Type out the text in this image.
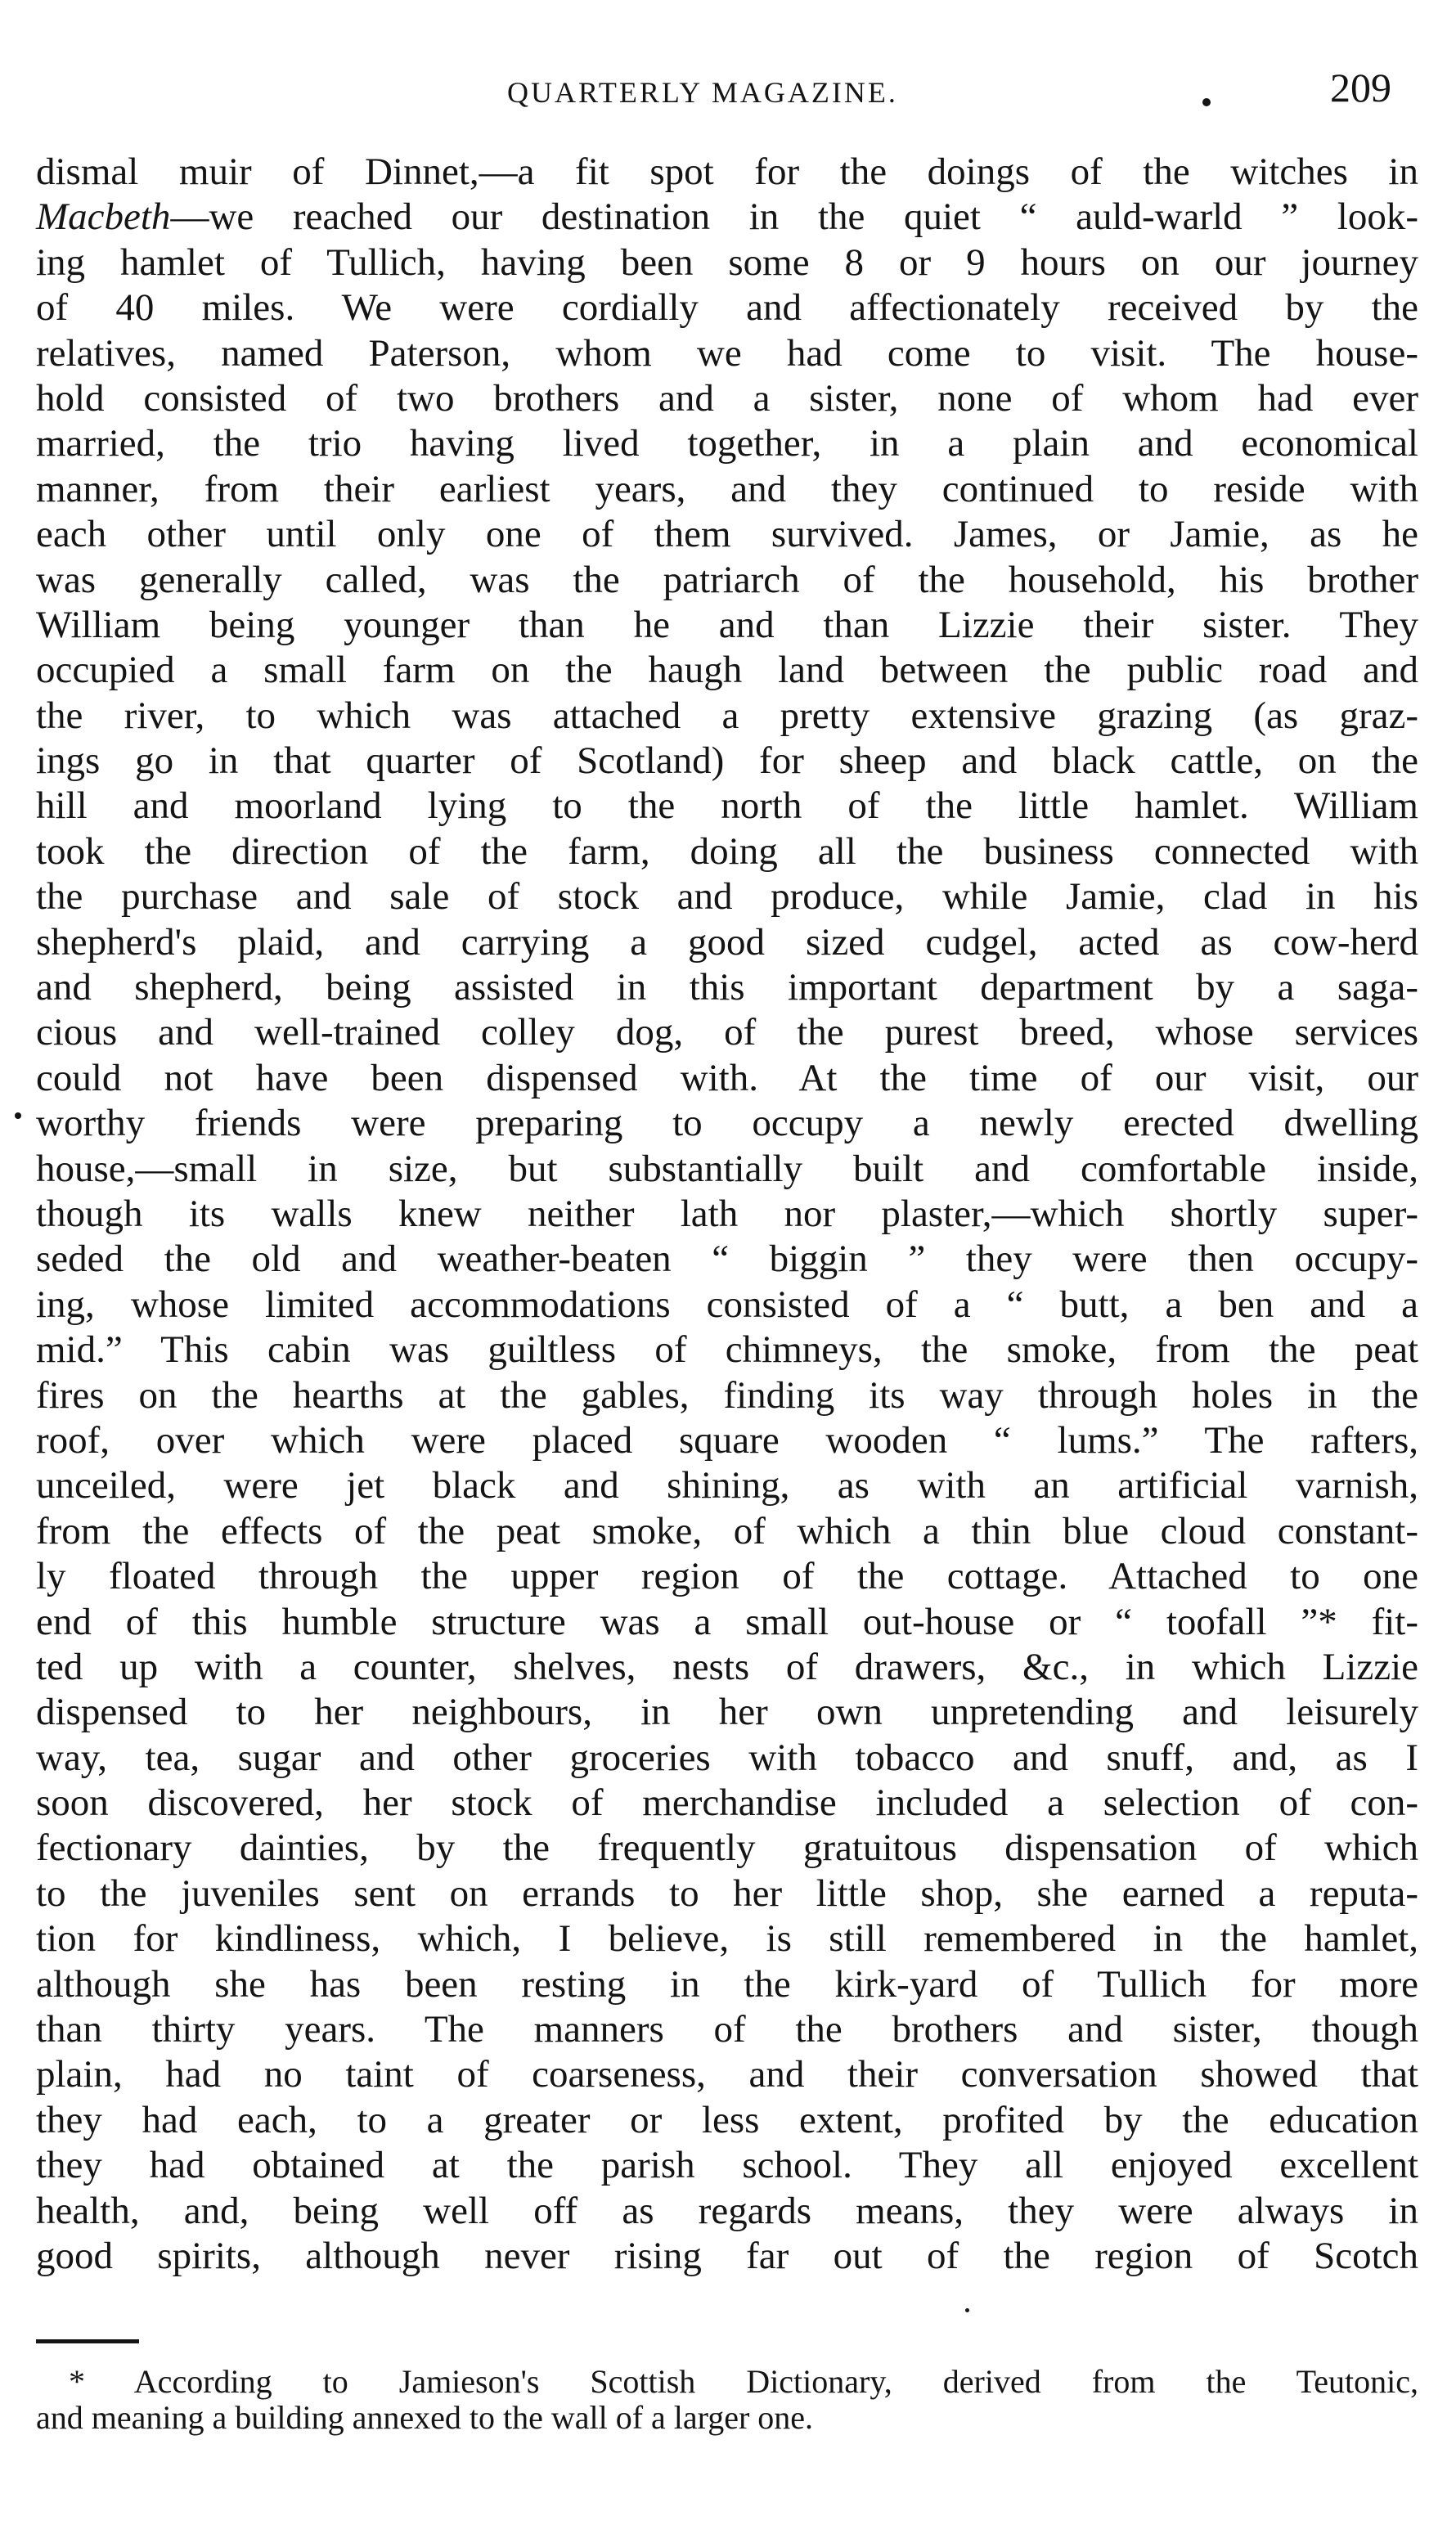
QUARTERLY MAGAZINE.	209
dismal muir of Dinnet,—a fit spot for the doings of the witches in
Macbeth—we reached our destination in the quiet “ auld-warld ” look-
ing hamlet of Tullich, having been some 8 or 9 hours on our journey
of 40 miles. We were cordially and affectionately received by the
relatives, named Paterson, whom we had come to visit. The house-
hold consisted of two brothers and a sister, none of whom had ever
married, the trio having lived together, in a plain and economical
manner, from their earliest years, and they continued to reside with
each other until only one of them survived. James, or Jamie, as he
was generally called, was the patriarch of the household, his brother
William being younger than he and than Lizzie their sister. They
occupied a small farm on the haugh land between the public road and
the river, to which was attached a pretty extensive grazing (as graz-
ings go in that quarter of Scotland) for sheep and black cattle, on the
hill and moorland lying to the north of the little hamlet. William
took the direction of the farm, doing all the business connected with
the purchase and sale of stock and produce, while Jamie, clad in his
shepherd's plaid, and carrying a good sized cudgel, acted as cow-herd
and shepherd, being assisted in this important department by a saga-
cious and well-trained colley dog, of the purest breed, whose services
could not have been dispensed with. At the time of our visit, our
worthy friends were preparing to occupy a newly erected dwelling
house,—small in size, but substantially built and comfortable inside,
though its walls knew neither lath nor plaster,—which shortly super-
seded the old and weather-beaten “ biggin ” they were then occupy-
ing, whose limited accommodations consisted of a “ butt, a ben and a
mid.” This cabin was guiltless of chimneys, the smoke, from the peat
fires on the hearths at the gables, finding its way through holes in the
roof, over which were placed square wooden “ lums.” The rafters,
unceiled, were jet black and shining, as with an artificial varnish,
from the effects of the peat smoke, of which a thin blue cloud constant-
ly floated through the upper region of the cottage. Attached to one
end of this humble structure was a small out-house or “ toofall ”* fit-
ted up with a counter, shelves, nests of drawers, &c., in which Lizzie
dispensed to her neighbours, in her own unpretending and leisurely
way, tea, sugar and other groceries with tobacco and snuff, and, as I
soon discovered, her stock of merchandise included a selection of con-
fectionary dainties, by the frequently gratuitous dispensation of which
to the juveniles sent on errands to her little shop, she earned a reputa-
tion for kindliness, which, I believe, is still remembered in the hamlet,
although she has been resting in the kirk-yard of Tullich for more
than thirty years. The manners of the brothers and sister, though
plain, had no taint of coarseness, and their conversation showed that
they had each, to a greater or less extent, profited by the education
they had obtained at the parish school. They all enjoyed excellent
health, and, being well off as regards means, they were always in
good spirits, although never rising far out of the region of Scotch
* According to Jamieson's Scottish Dictionary, derived from the Teutonic,
and meaning a building annexed to the wall of a larger one.
